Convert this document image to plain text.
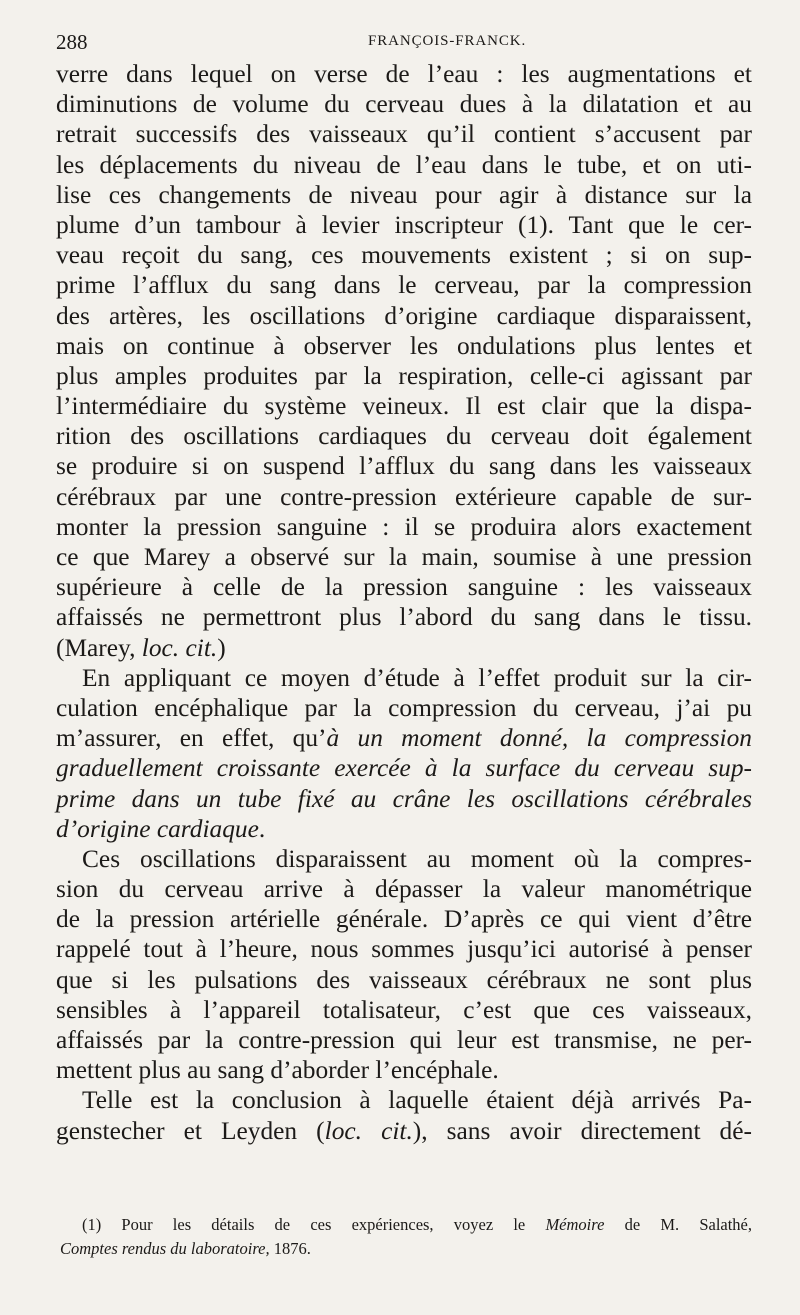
288	FRANÇOIS-FRANCK.
verre dans lequel on verse de l’eau : les augmentations et
diminutions de volume du cerveau dues à la dilatation et au
retrait successifs des vaisseaux qu’il contient s’accusent par
les déplacements du niveau de l’eau dans le tube, et on uti-
lise ces changements de niveau pour agir à distance sur la
plume d’un tambour à levier inscripteur (1). Tant que le cer-
veau reçoit du sang, ces mouvements existent ; si on sup-
prime l’afflux du sang dans le cerveau, par la compression
des artères, les oscillations d’origine cardiaque disparaissent,
mais on continue à observer les ondulations plus lentes et
plus amples produites par la respiration, celle-ci agissant par
l’intermédiaire du système veineux. Il est clair que la dispa-
rition des oscillations cardiaques du cerveau doit également
se produire si on suspend l’afflux du sang dans les vaisseaux
cérébraux par une contre-pression extérieure capable de sur-
monter la pression sanguine : il se produira alors exactement
ce que Marey a observé sur la main, soumise à une pression
supérieure à celle de la pression sanguine : les vaisseaux
affaissés ne permettront plus l’abord du sang dans le tissu.
(Marey, loc. cit.)
En appliquant ce moyen d’étude à l’effet produit sur la cir-
culation encéphalique par la compression du cerveau, j’ai pu
m’assurer, en effet, qu’à un moment donné, la compression
graduellement croissante exercée à la surface du cerveau sup-
prime dans un tube fixé au crâne les oscillations cérébrales
d’origine cardiaque.
Ces oscillations disparaissent au moment où la compres-
sion du cerveau arrive à dépasser la valeur manométrique
de la pression artérielle générale. D’après ce qui vient d’être
rappelé tout à l’heure, nous sommes jusqu’ici autorisé à penser
que si les pulsations des vaisseaux cérébraux ne sont plus
sensibles à l’appareil totalisateur, c’est que ces vaisseaux,
affaissés par la contre-pression qui leur est transmise, ne per-
mettent plus au sang d’aborder l’encéphale.
Telle est la conclusion à laquelle étaient déjà arrivés Pa-
genstecher et Leyden (loc. cit.), sans avoir directement dé-
(1) Pour les détails de ces expériences, voyez le Mémoire de M. Salathé,
Comptes rendus du laboratoire, 1876.
